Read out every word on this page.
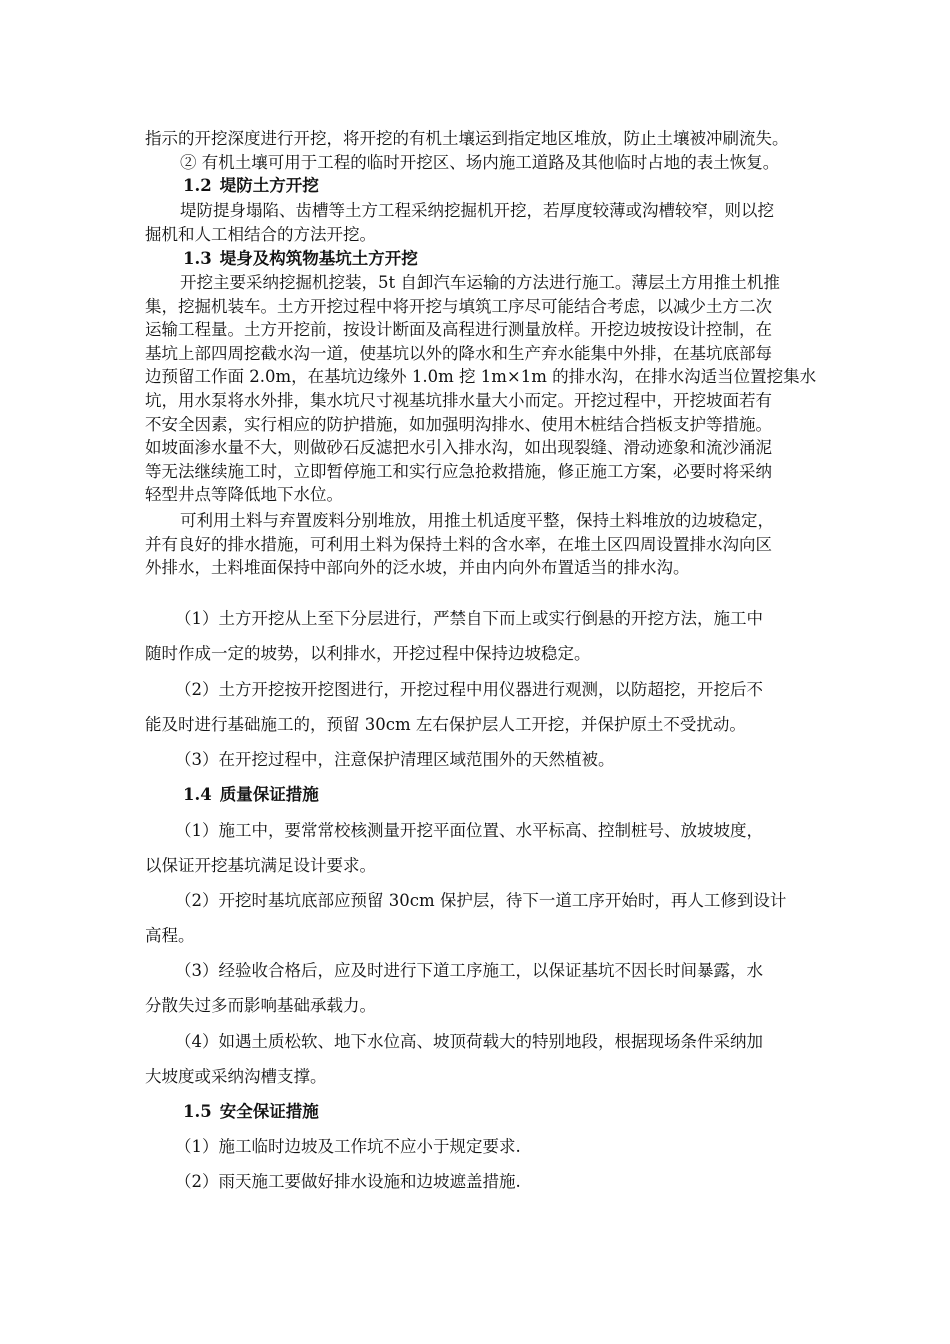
指示的开挖深度进行开挖，将开挖的有机土壤运到指定地区堆放，防止土壤被冲刷流失。

② 有机土壤可用于工程的临时开挖区、场内施工道路及其他临时占地的表土恢复。

1.2 堤防土方开挖

堤防提身塌陷、齿槽等土方工程采纳挖掘机开挖，若厚度较薄或沟槽较窄，则以挖
掘机和人工相结合的方法开挖。

1.3 堤身及构筑物基坑土方开挖

开挖主要采纳挖掘机挖装，5t 自卸汽车运输的方法进行施工。薄层土方用推土机推
集，挖掘机装车。土方开挖过程中将开挖与填筑工序尽可能结合考虑，以减少土方二次
运输工程量。土方开挖前，按设计断面及高程进行测量放样。开挖边坡按设计控制，在
基坑上部四周挖截水沟一道，使基坑以外的降水和生产弃水能集中外排，在基坑底部每
边预留工作面 2.0m，在基坑边缘外 1.0m 挖 1m×1m 的排水沟，在排水沟适当位置挖集水
坑，用水泵将水外排，集水坑尺寸视基坑排水量大小而定。开挖过程中，开挖坡面若有
不安全因素，实行相应的防护措施，如加强明沟排水、使用木桩结合挡板支护等措施。
如坡面渗水量不大，则做砂石反滤把水引入排水沟，如出现裂缝、滑动迹象和流沙涌泥
等无法继续施工时，立即暂停施工和实行应急抢救措施，修正施工方案，必要时将采纳
轻型井点等降低地下水位。

可利用土料与弃置废料分别堆放，用推土机适度平整，保持土料堆放的边坡稳定，
并有良好的排水措施，可利用土料为保持土料的含水率，在堆土区四周设置排水沟向区
外排水，土料堆面保持中部向外的泛水坡，并由内向外布置适当的排水沟。

（1）土方开挖从上至下分层进行，严禁自下而上或实行倒悬的开挖方法，施工中
随时作成一定的坡势，以利排水，开挖过程中保持边坡稳定。

（2）土方开挖按开挖图进行，开挖过程中用仪器进行观测，以防超挖，开挖后不
能及时进行基础施工的，预留 30cm 左右保护层人工开挖，并保护原土不受扰动。

（3）在开挖过程中，注意保护清理区域范围外的天然植被。

1.4 质量保证措施

（1）施工中，要常常校核测量开挖平面位置、水平标高、控制桩号、放坡坡度，
以保证开挖基坑满足设计要求。

（2）开挖时基坑底部应预留 30cm 保护层，待下一道工序开始时，再人工修到设计
高程。

（3）经验收合格后，应及时进行下道工序施工，以保证基坑不因长时间暴露，水
分散失过多而影响基础承载力。

（4）如遇土质松软、地下水位高、坡顶荷载大的特别地段，根据现场条件采纳加
大坡度或采纳沟槽支撑。

1.5 安全保证措施

（1）施工临时边坡及工作坑不应小于规定要求.

（2）雨天施工要做好排水设施和边坡遮盖措施.
